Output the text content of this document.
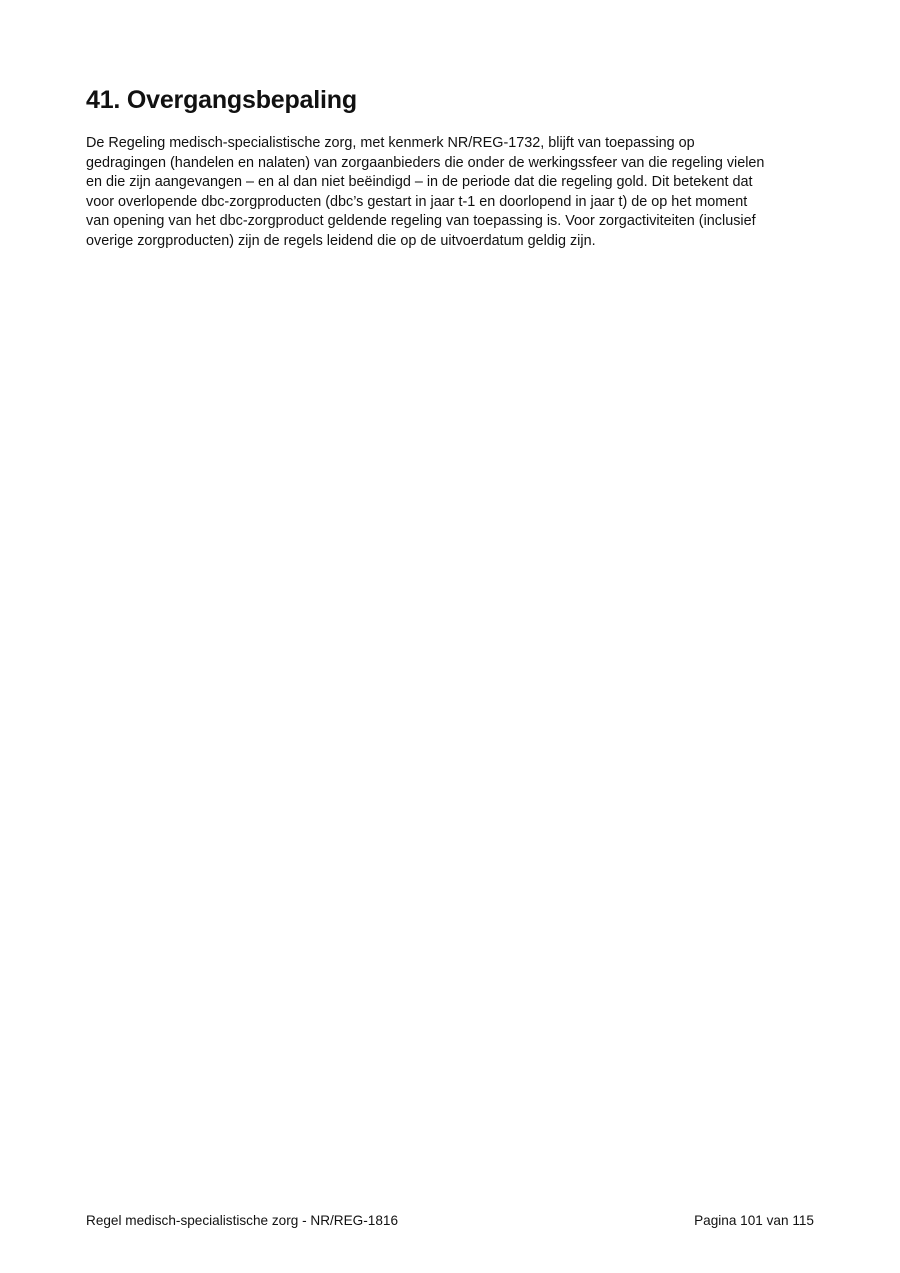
41. Overgangsbepaling

De Regeling medisch-specialistische zorg, met kenmerk NR/REG-1732, blijft van toepassing op
gedragingen (handelen en nalaten) van zorgaanbieders die onder de werkingssfeer van die regeling vielen
en die zijn aangevangen – en al dan niet beëindigd – in de periode dat die regeling gold. Dit betekent dat
voor overlopende dbc-zorgproducten (dbc’s gestart in jaar t-1 en doorlopend in jaar t) de op het moment
van opening van het dbc-zorgproduct geldende regeling van toepassing is. Voor zorgactiviteiten (inclusief
overige zorgproducten) zijn de regels leidend die op de uitvoerdatum geldig zijn.

Regel medisch-specialistische zorg - NR/REG-1816	Pagina 101 van 115
